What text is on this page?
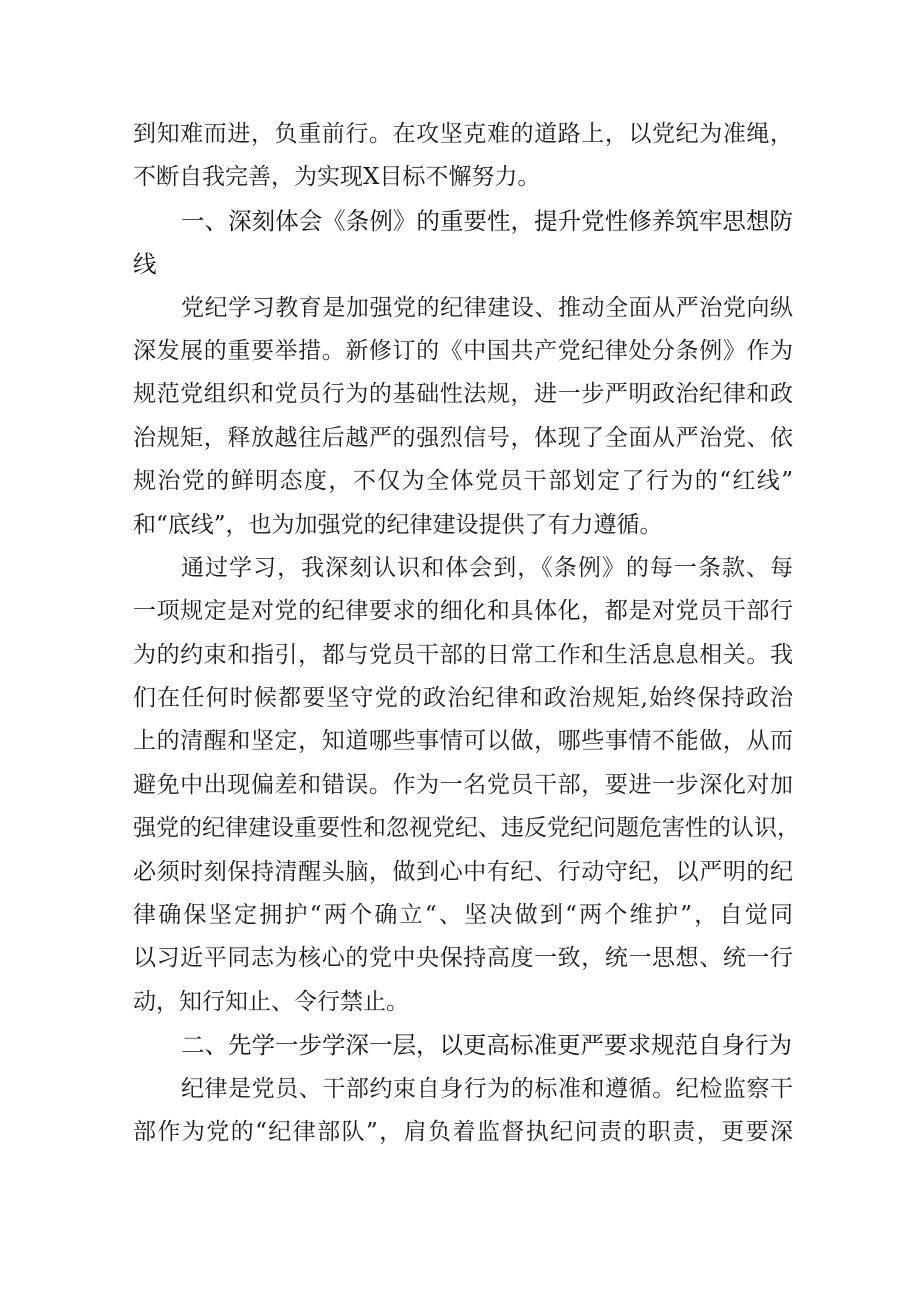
到知难而进，负重前行。在攻坚克难的道路上，以党纪为准绳，
不断自我完善，为实现X目标不懈努力。
一、深刻体会《条例》的重要性，提升党性修养筑牢思想防
线
党纪学习教育是加强党的纪律建设、推动全面从严治党向纵
深发展的重要举措。新修订的《中国共产党纪律处分条例》作为
规范党组织和党员行为的基础性法规，进一步严明政治纪律和政
治规矩，释放越往后越严的强烈信号，体现了全面从严治党、依
规治党的鲜明态度，不仅为全体党员干部划定了行为的“红线”
和“底线”，也为加强党的纪律建设提供了有力遵循。
通过学习，我深刻认识和体会到，《条例》的每一条款、每
一项规定是对党的纪律要求的细化和具体化，都是对党员干部行
为的约束和指引，都与党员干部的日常工作和生活息息相关。我
们在任何时候都要坚守党的政治纪律和政治规矩,始终保持政治
上的清醒和坚定，知道哪些事情可以做，哪些事情不能做，从而
避免中出现偏差和错误。作为一名党员干部，要进一步深化对加
强党的纪律建设重要性和忽视党纪、违反党纪问题危害性的认识，
必须时刻保持清醒头脑，做到心中有纪、行动守纪，以严明的纪
律确保坚定拥护“两个确立“、坚决做到“两个维护”，自觉同
以习近平同志为核心的党中央保持高度一致，统一思想、统一行
动，知行知止、令行禁止。
二、先学一步学深一层，以更高标准更严要求规范自身行为
纪律是党员、干部约束自身行为的标准和遵循。纪检监察干
部作为党的“纪律部队”，肩负着监督执纪问责的职责，更要深
